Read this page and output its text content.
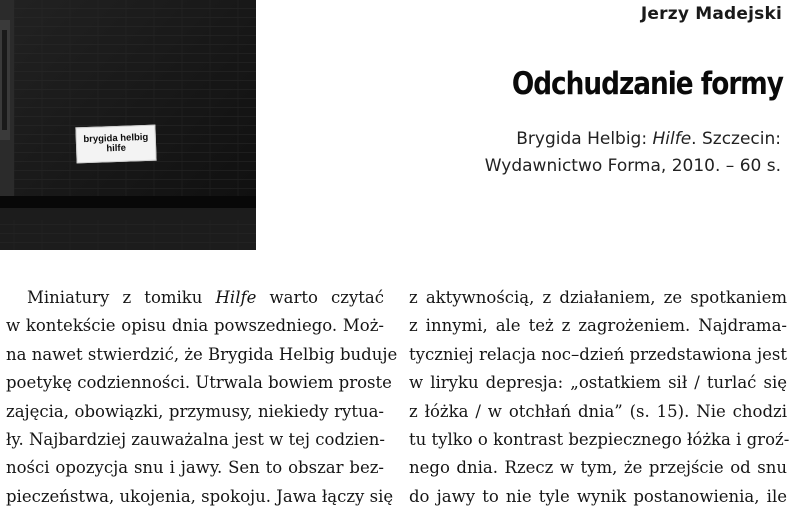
brygida helbig
hilfe
Jerzy Madejski
Odchudzanie formy
Brygida Helbig: Hilfe. Szczecin:
Wydawnictwo Forma, 2010. – 60 s.
Miniatury z tomiku Hilfe warto czytać
w kontekście opisu dnia powszedniego. Moż-
na nawet stwierdzić, że Brygida Helbig buduje
poetykę codzienności. Utrwala bowiem proste
zajęcia, obowiązki, przymusy, niekiedy rytua-
ły. Najbardziej zauważalna jest w tej codzien-
ności opozycja snu i jawy. Sen to obszar bez-
pieczeństwa, ukojenia, spokoju. Jawa łączy się
z aktywnością, z działaniem, ze spotkaniem
z innymi, ale też z zagrożeniem. Najdrama-
tyczniej relacja noc–dzień przedstawiona jest
w liryku depresja: „ostatkiem sił / turlać się
z łóżka / w otchłań dnia” (s. 15). Nie chodzi
tu tylko o kontrast bezpiecznego łóżka i groź-
nego dnia. Rzecz w tym, że przejście od snu
do jawy to nie tyle wynik postanowienia, ile
